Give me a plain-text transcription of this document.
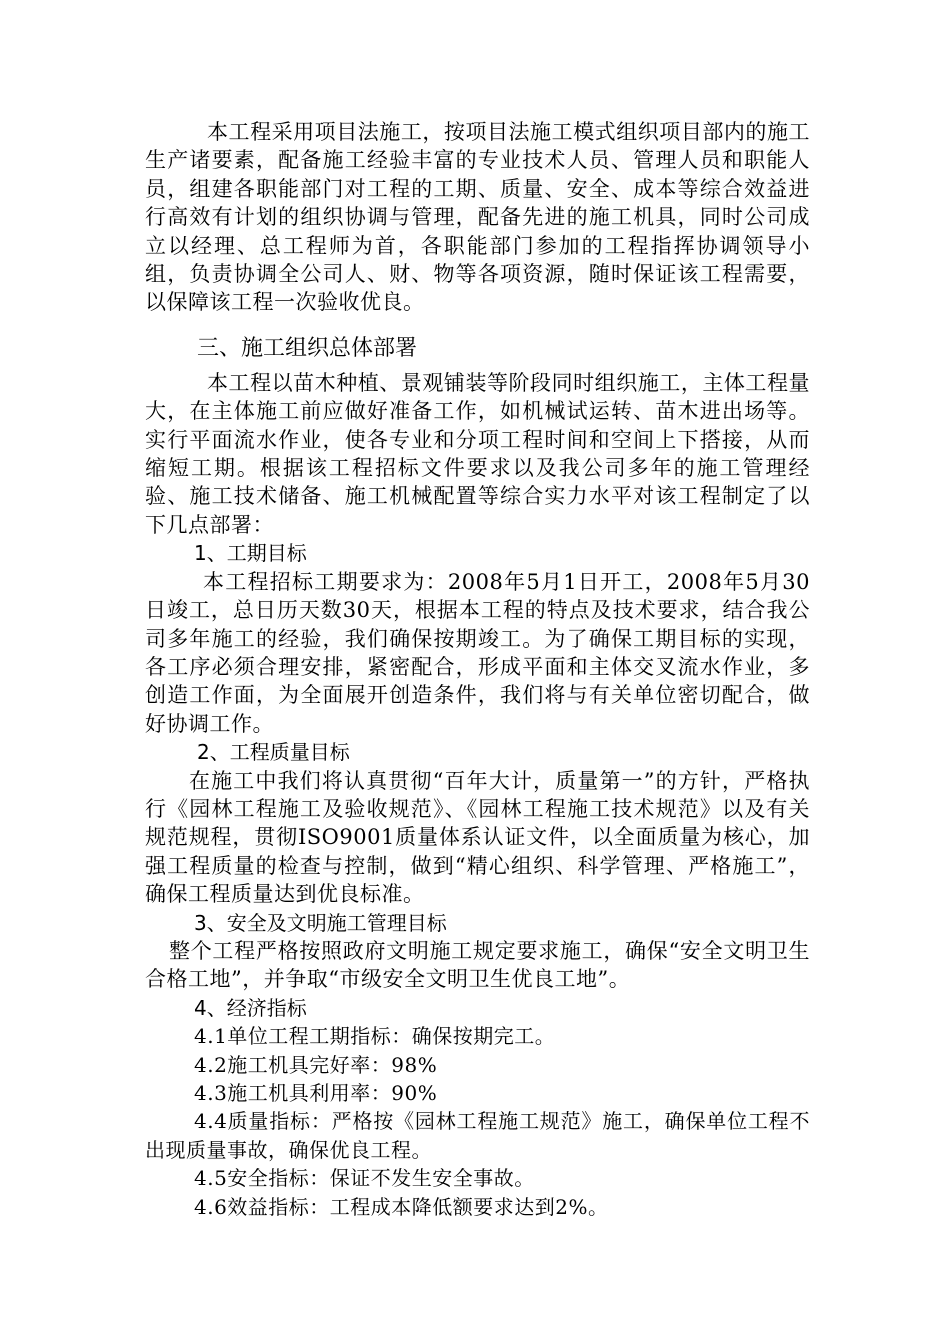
本工程采用项目法施工，按项目法施工模式组织项目部内的施工生产诸要素，配备施工经验丰富的专业技术人员、管理人员和职能人员，组建各职能部门对工程的工期、质量、安全、成本等综合效益进行高效有计划的组织协调与管理，配备先进的施工机具，同时公司成立以经理、总工程师为首，各职能部门参加的工程指挥协调领导小组，负责协调全公司人、财、物等各项资源，随时保证该工程需要，以保障该工程一次验收优良。

三、施工组织总体部署

本工程以苗木种植、景观铺装等阶段同时组织施工，主体工程量大，在主体施工前应做好准备工作，如机械试运转、苗木进出场等。实行平面流水作业，使各专业和分项工程时间和空间上下搭接，从而缩短工期。根据该工程招标文件要求以及我公司多年的施工管理经验、施工技术储备、施工机械配置等综合实力水平对该工程制定了以下几点部署：

1、工期目标

本工程招标工期要求为：2008年5月1日开工，2008年5月30日竣工，总日历天数30天，根据本工程的特点及技术要求，结合我公司多年施工的经验，我们确保按期竣工。为了确保工期目标的实现，各工序必须合理安排，紧密配合，形成平面和主体交叉流水作业，多创造工作面，为全面展开创造条件，我们将与有关单位密切配合，做好协调工作。

2、工程质量目标

在施工中我们将认真贯彻“百年大计，质量第一”的方针，严格执行《园林工程施工及验收规范》、《园林工程施工技术规范》以及有关规范规程，贯彻ISO9001质量体系认证文件，以全面质量为核心，加强工程质量的检查与控制，做到“精心组织、科学管理、严格施工”，确保工程质量达到优良标准。

3、安全及文明施工管理目标

整个工程严格按照政府文明施工规定要求施工，确保“安全文明卫生合格工地”，并争取“市级安全文明卫生优良工地”。

4、经济指标

4.1单位工程工期指标：确保按期完工。

4.2施工机具完好率：98%

4.3施工机具利用率：90%

4.4质量指标：严格按《园林工程施工规范》施工，确保单位工程不出现质量事故，确保优良工程。

4.5安全指标：保证不发生安全事故。

4.6效益指标：工程成本降低额要求达到2%。
